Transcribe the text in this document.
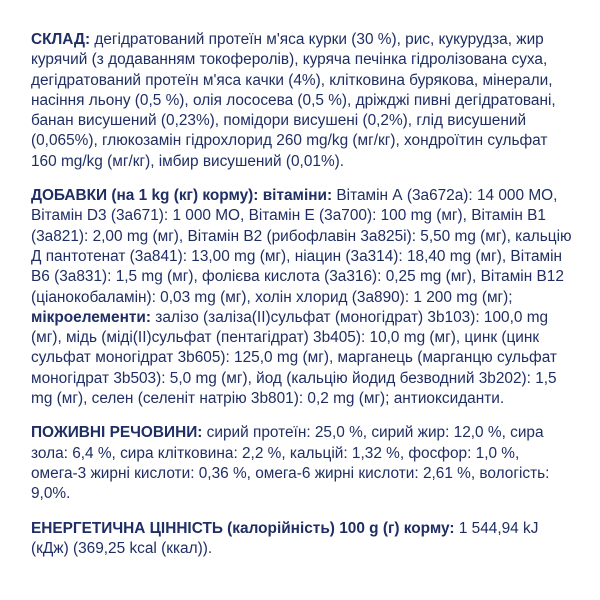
СКЛАД: дегідратований протеїн м'яса курки (30 %), рис, кукурудза, жир курячий (з додаванням токоферолів), куряча печінка гідролізована суха, дегідратований протеїн м'яса качки (4%), клітковина бурякова, мінерали, насіння льону (0,5 %), олія лососева (0,5 %), дріжджі пивні дегідратовані, банан висушений (0,23%), помідори висушені (0,2%), глід висушений (0,065%), глюкозамін гідрохлорид 260 mg/kg (мг/кг), хондроїтин сульфат 160 mg/kg (мг/кг), імбир висушений (0,01%).

ДОБАВКИ (на 1 kg (кг) корму): вітаміни: Вітамін А (3а672а): 14 000 МО, Вітамін D3 (3а671): 1 000 МО, Вітамін Е (3а700): 100 mg (мг), Вітамін В1 (3а821): 2,00 mg (мг), Вітамін В2 (рибофлавін 3а825і): 5,50 mg (мг), кальцію Д пантотенат (3а841): 13,00 mg (мг), ніацин (3а314): 18,40 mg (мг), Вітамін В6 (3а831): 1,5 mg (мг), фолієва кислота (3а316): 0,25 mg (мг), Вітамін В12 (ціанокобаламін): 0,03 mg (мг), холін хлорид (3а890): 1 200 mg (мг); мікроелементи: залізо (заліза(II)сульфат (моногідрат) 3b103): 100,0 mg (мг), мідь (міді(II)сульфат (пентагідрат) 3b405): 10,0 mg (мг), цинк (цинк сульфат моногідрат 3b605): 125,0 mg (мг), марганець (марганцю сульфат моногідрат 3b503): 5,0 mg (мг), йод (кальцію йодид безводний 3b202): 1,5 mg (мг), селен (селеніт натрію 3b801): 0,2 mg (мг); антиоксиданти.

ПОЖИВНІ РЕЧОВИНИ: сирий протеїн: 25,0 %, сирий жир: 12,0 %, сира зола: 6,4 %, сира клітковина: 2,2 %, кальцій: 1,32 %, фосфор: 1,0 %, омега-3 жирні кислоти: 0,36 %, омега-6 жирні кислоти: 2,61 %, вологість: 9,0%.

ЕНЕРГЕТИЧНА ЦІННІСТЬ (калорійність) 100 g (г) корму: 1 544,94 kJ (кДж) (369,25 kcal (ккал)).
